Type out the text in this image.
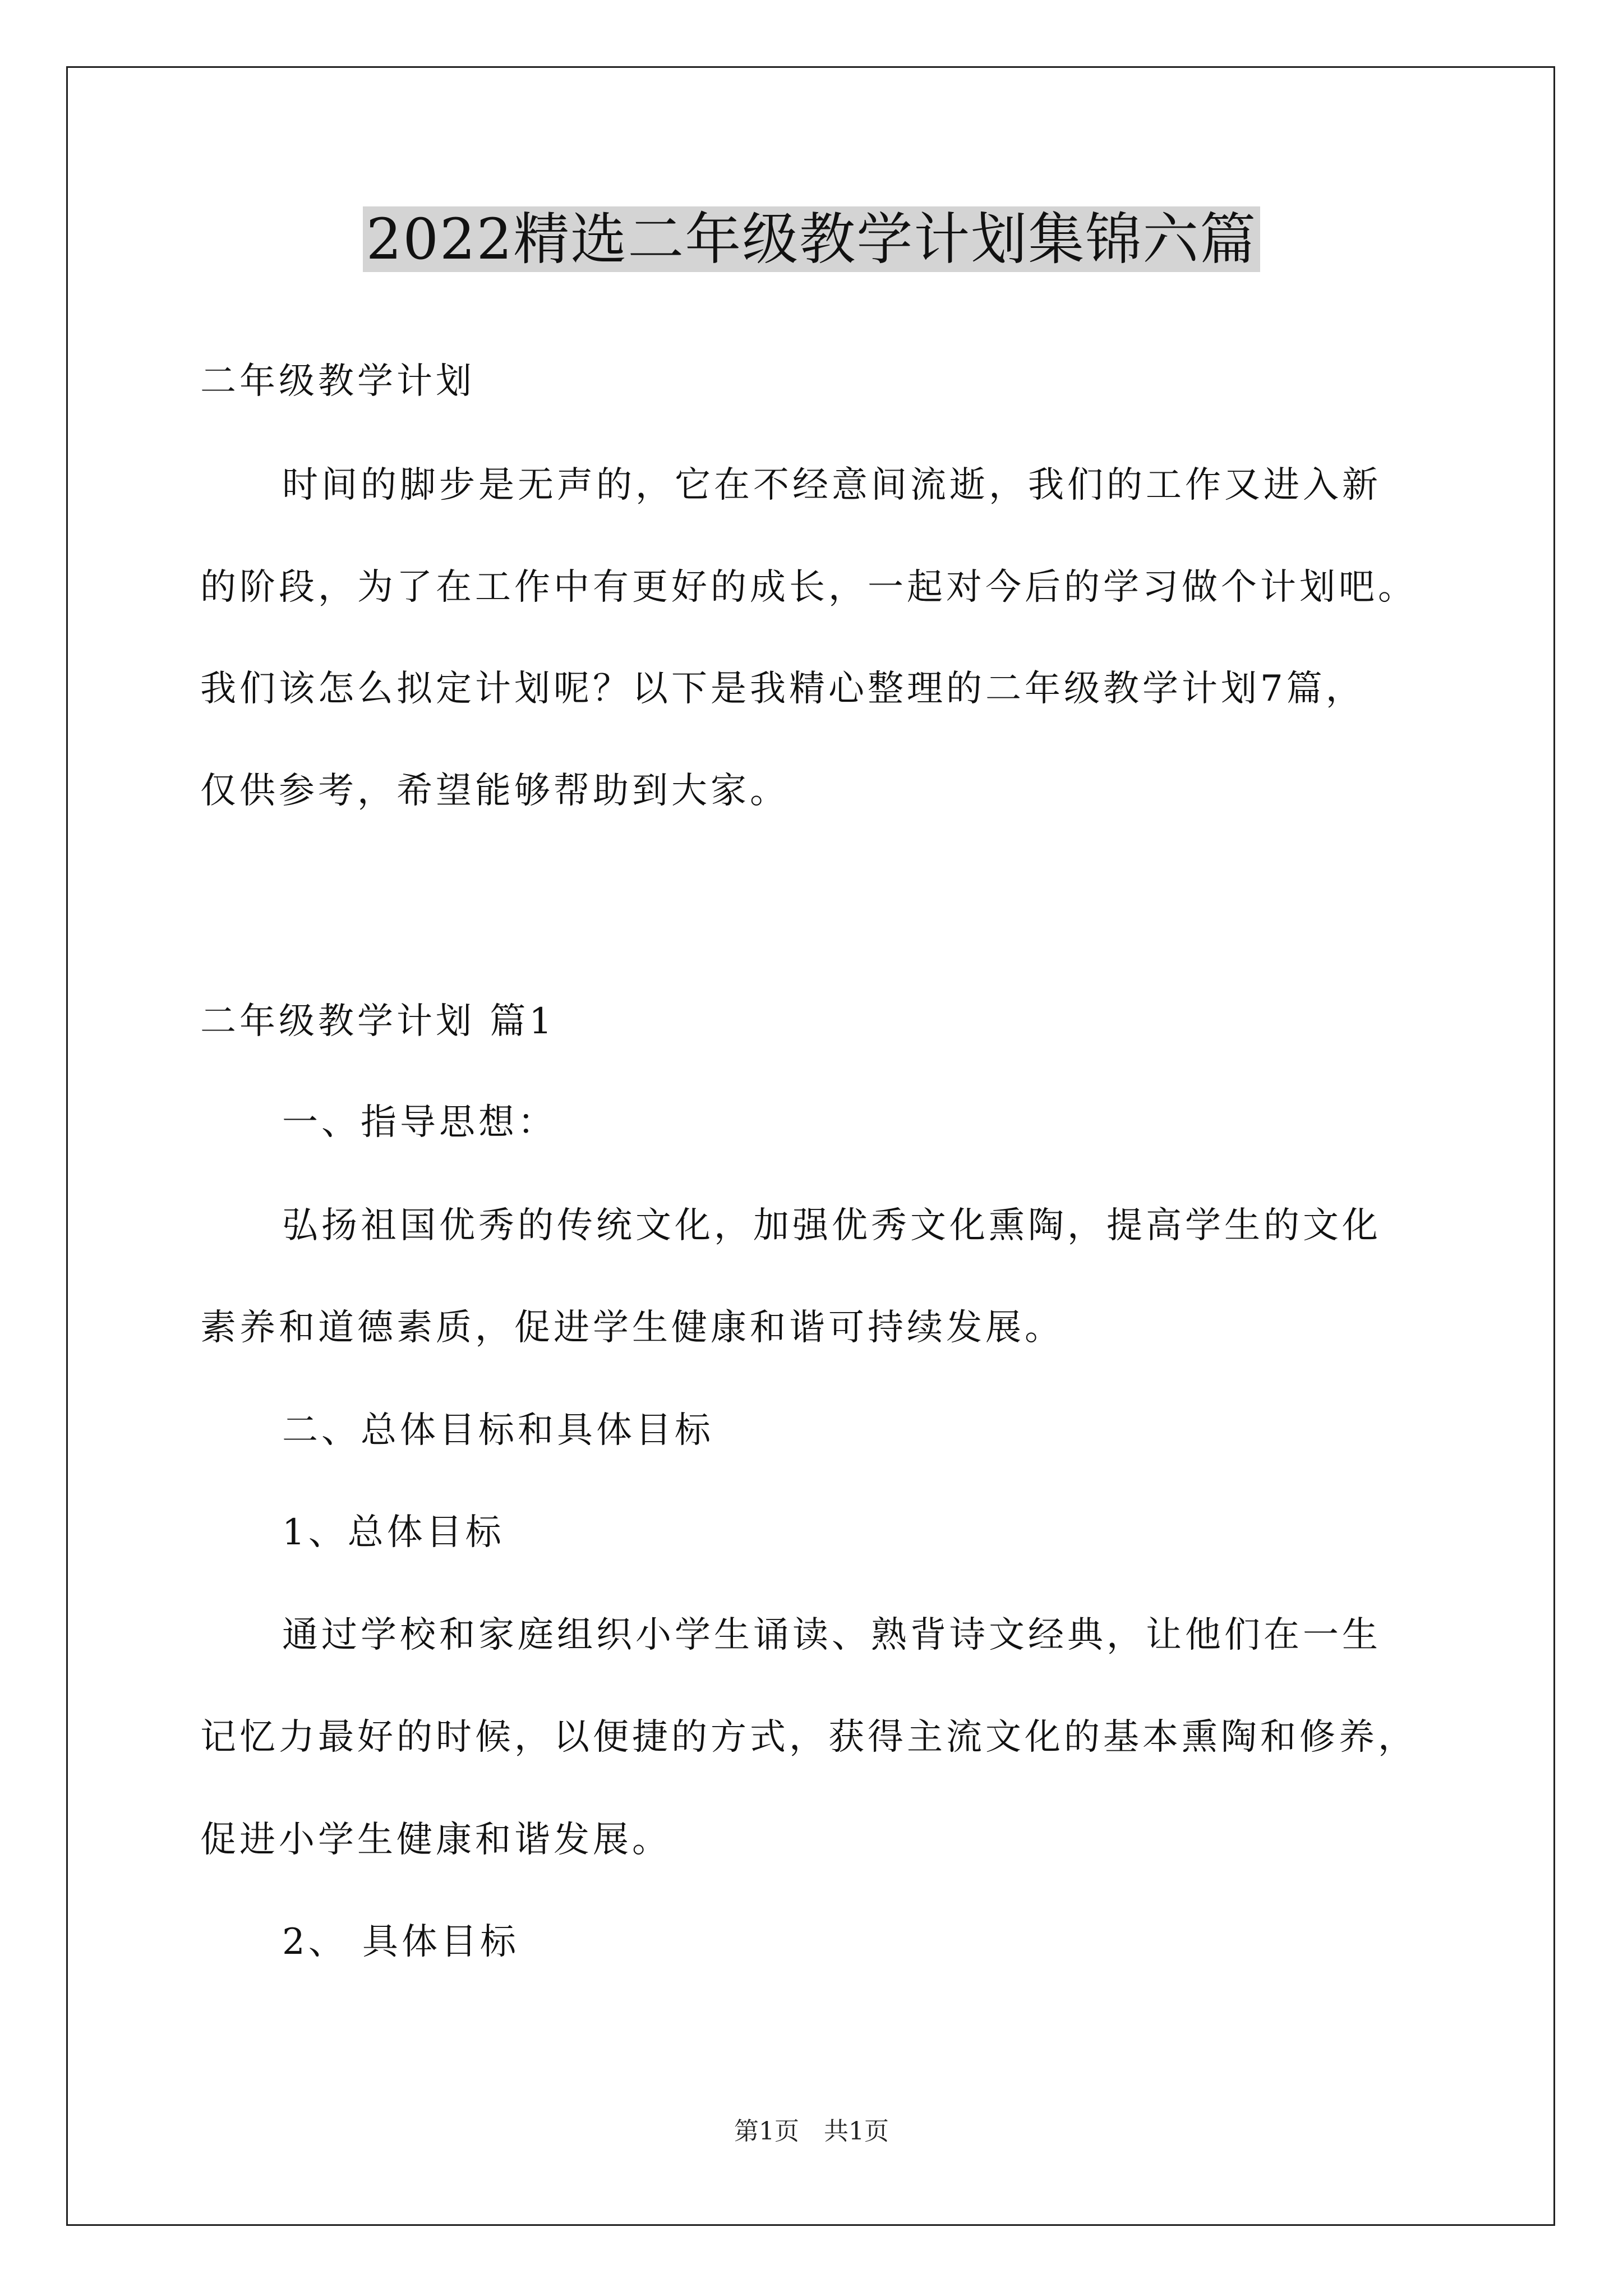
2022精选二年级教学计划集锦六篇
二年级教学计划
时间的脚步是无声的，它在不经意间流逝，我们的工作又进入新
的阶段，为了在工作中有更好的成长，一起对今后的学习做个计划吧。
我们该怎么拟定计划呢？以下是我精心整理的二年级教学计划7篇，
仅供参考，希望能够帮助到大家。
二年级教学计划 篇1
一、指导思想：
弘扬祖国优秀的传统文化，加强优秀文化熏陶，提高学生的文化
素养和道德素质，促进学生健康和谐可持续发展。
二、总体目标和具体目标
1、总体目标
通过学校和家庭组织小学生诵读、熟背诗文经典，让他们在一生
记忆力最好的时候，以便捷的方式，获得主流文化的基本熏陶和修养，
促进小学生健康和谐发展。
2、 具体目标
第1页　共1页
